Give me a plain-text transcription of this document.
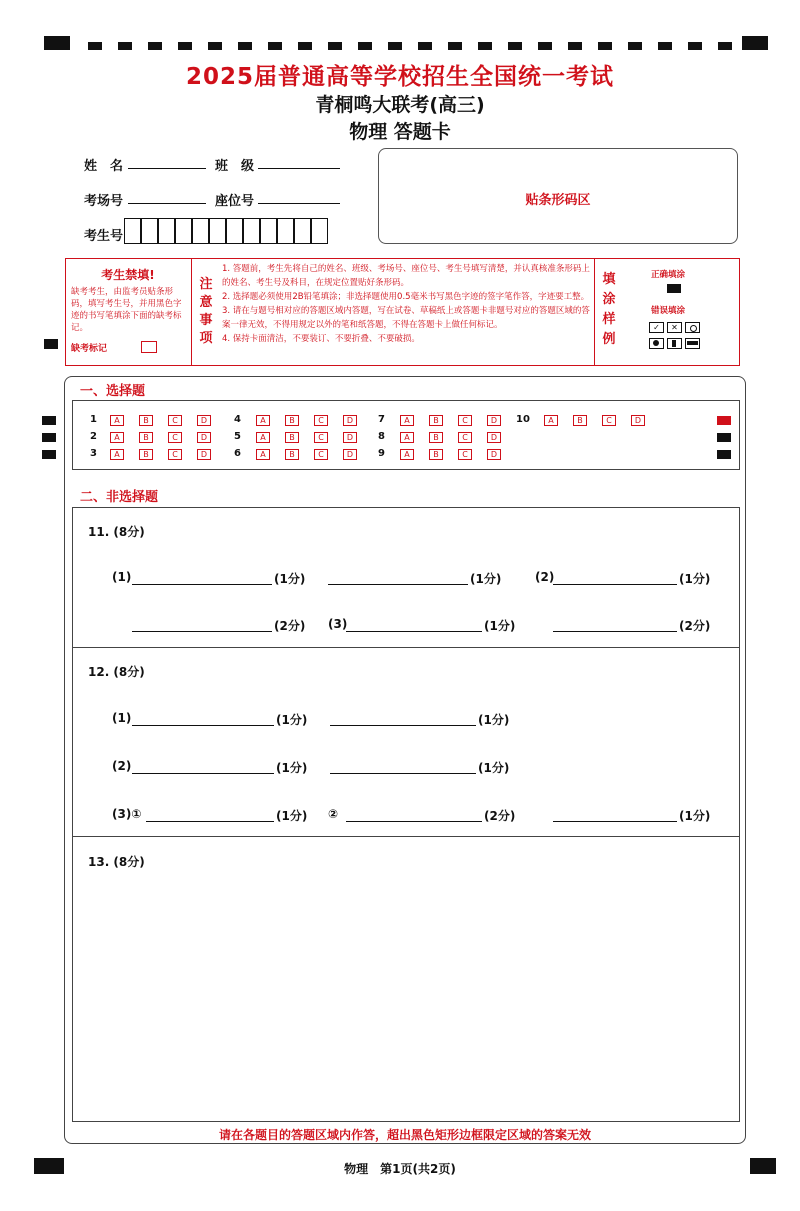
2025届普通高等学校招生全国统一考试
青桐鸣大联考(高三)
物理 答题卡
姓　名	班　级
考场号	座位号
考生号
贴条形码区
考生禁填!
缺考考生，由监考员贴条形码，填写考生号，并用黑色字迹的书写笔填涂下面的缺考标记。
缺考标记
注意事项
1. 答题前，考生先将自己的姓名、班级、考场号、座位号、考生号填写清楚，并认真核准条形码上的姓名、考生号及科目，在规定位置贴好条形码。
2. 选择题必须使用2B铅笔填涂；非选择题使用0.5毫米书写黑色字迹的签字笔作答，字迹要工整。
3. 请在与题号相对应的答题区域内答题，写在试卷、草稿纸上或答题卡非题号对应的答题区域的答案一律无效，不得用规定以外的笔和纸答题，不得在答题卡上做任何标记。
4. 保持卡面清洁，不要装订、不要折叠、不要破损。
填涂样例
正确填涂
错误填涂
✓	✕
一、选择题
1	A	B	C	D	4	A	B	C	D	7	A	B	C	D	10	A	B	C	D
2	A	B	C	D	5	A	B	C	D	8	A	B	C	D
3	A	B	C	D	6	A	B	C	D	9	A	B	C	D
二、非选择题
11. (8分)
(1)	(1分)	(1分)	(2)	(1分)
(2分) (3)	(1分)	(2分)
12. (8分)
(1)	(1分)	(1分)
(2)	(1分)	(1分)
(3)①	(1分) ②	(2分)	(1分)
13. (8分)
请在各题目的答题区域内作答，超出黑色矩形边框限定区域的答案无效
物理　第1页(共2页)
